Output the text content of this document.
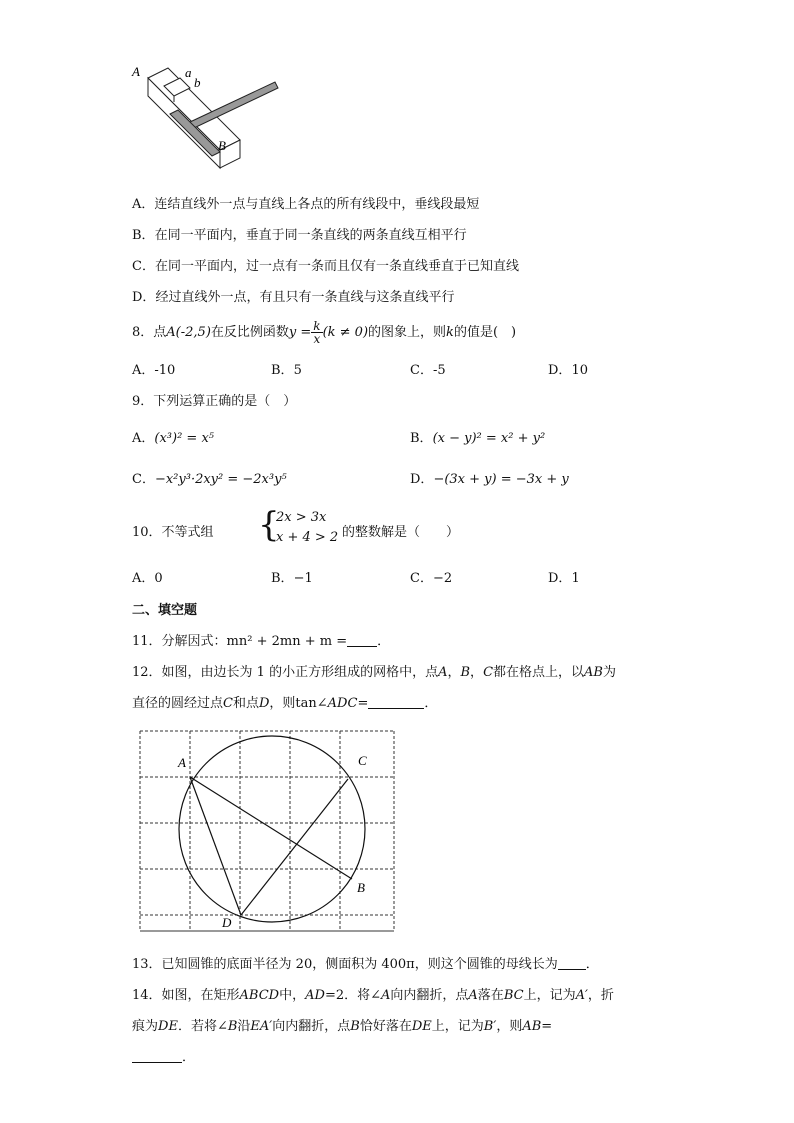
A	a
b
B
A．连结直线外一点与直线上各点的所有线段中，垂线段最短
B．在同一平面内，垂直于同一条直线的两条直线互相平行
C．在同一平面内，过一点有一条而且仅有一条直线垂直于已知直线
D．经过直线外一点，有且只有一条直线与这条直线平行
8．点A(-2,5)在反比例函数$y = \frac{k}{x} (k \ne 0)$的图象上，则k的值是(　)
A．-10	B．5	C．-5	D．10
9．下列运算正确的是（　）
A．(x³)² = x⁵	B．(x − y)² = x² + y²
C．−x²y³·2xy² = −2x³y⁵	D．−(3x + y) = −3x + y
10．不等式组 {
2x > 3x
x + 4 > 2 的整数解是（　　）
A．0	B．−1	C．−2	D．1
二、填空题
11．分解因式：mn² + 2mn + m = ．
12．如图，由边长为 1 的小正方形组成的网格中，点A，B，C都在格点上，以AB为
直径的圆经过点C和点D，则tan∠ADC=	．
A	C
B
D
13．已知圆锥的底面半径为 20，侧面积为 400π，则这个圆锥的母线长为 ．
14．如图，在矩形ABCD中，AD=2．将∠A向内翻折，点A落在BC上，记为A′，折
痕为DE．若将∠B沿EA′向内翻折，点B恰好落在DE上，记为B′，则AB=
．
